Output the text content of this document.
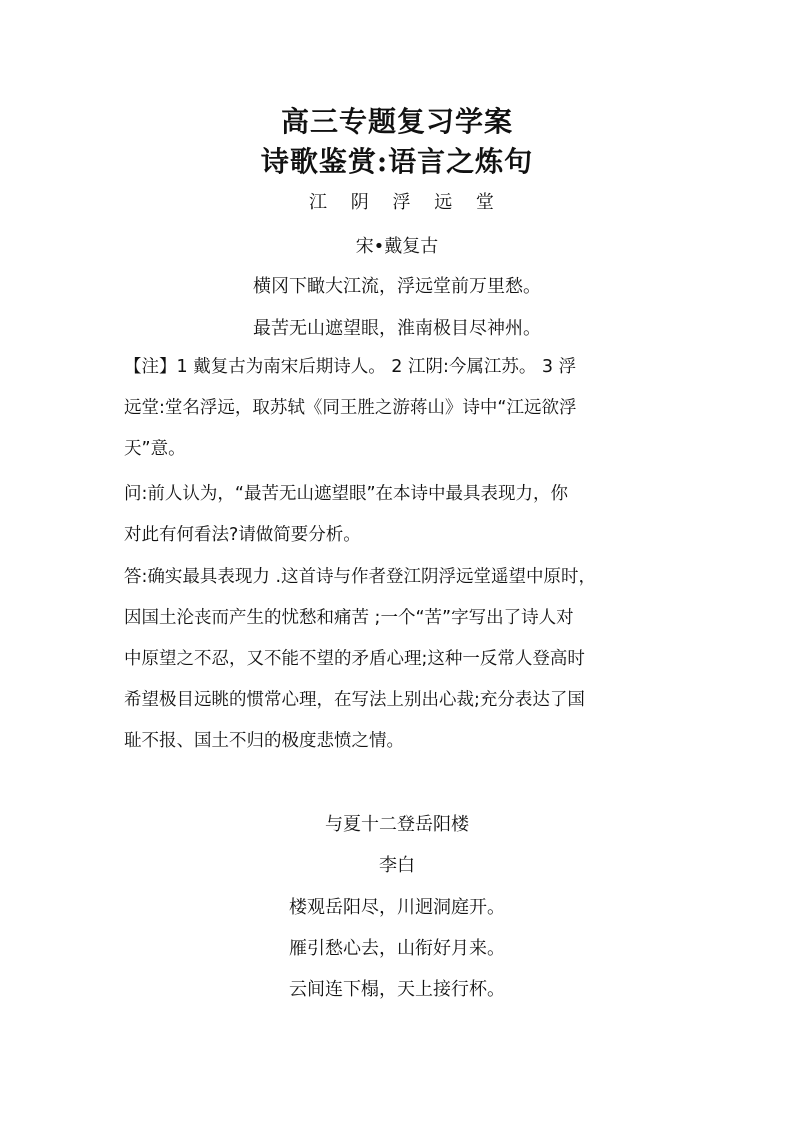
高三专题复习学案
诗歌鉴赏:语言之炼句
江 阴 浮 远 堂
宋•戴复古
横冈下瞰大江流，浮远堂前万里愁。
最苦无山遮望眼，淮南极目尽神州。
【注】1 戴复古为南宋后期诗人。 2 江阴:今属江苏。 3 浮
远堂:堂名浮远，取苏轼《同王胜之游蒋山》诗中“江远欲浮
天”意。
问:前人认为，“最苦无山遮望眼”在本诗中最具表现力，你
对此有何看法?请做简要分析。
答:确实最具表现力 .这首诗与作者登江阴浮远堂遥望中原时，
因国土沦丧而产生的忧愁和痛苦 ;一个“苦”字写出了诗人对
中原望之不忍，又不能不望的矛盾心理;这种一反常人登高时
希望极目远眺的惯常心理，在写法上别出心裁;充分表达了国
耻不报、国土不归的极度悲愤之情。
与夏十二登岳阳楼
李白
楼观岳阳尽，川迥洞庭开。
雁引愁心去，山衔好月来。
云间连下榻，天上接行杯。
